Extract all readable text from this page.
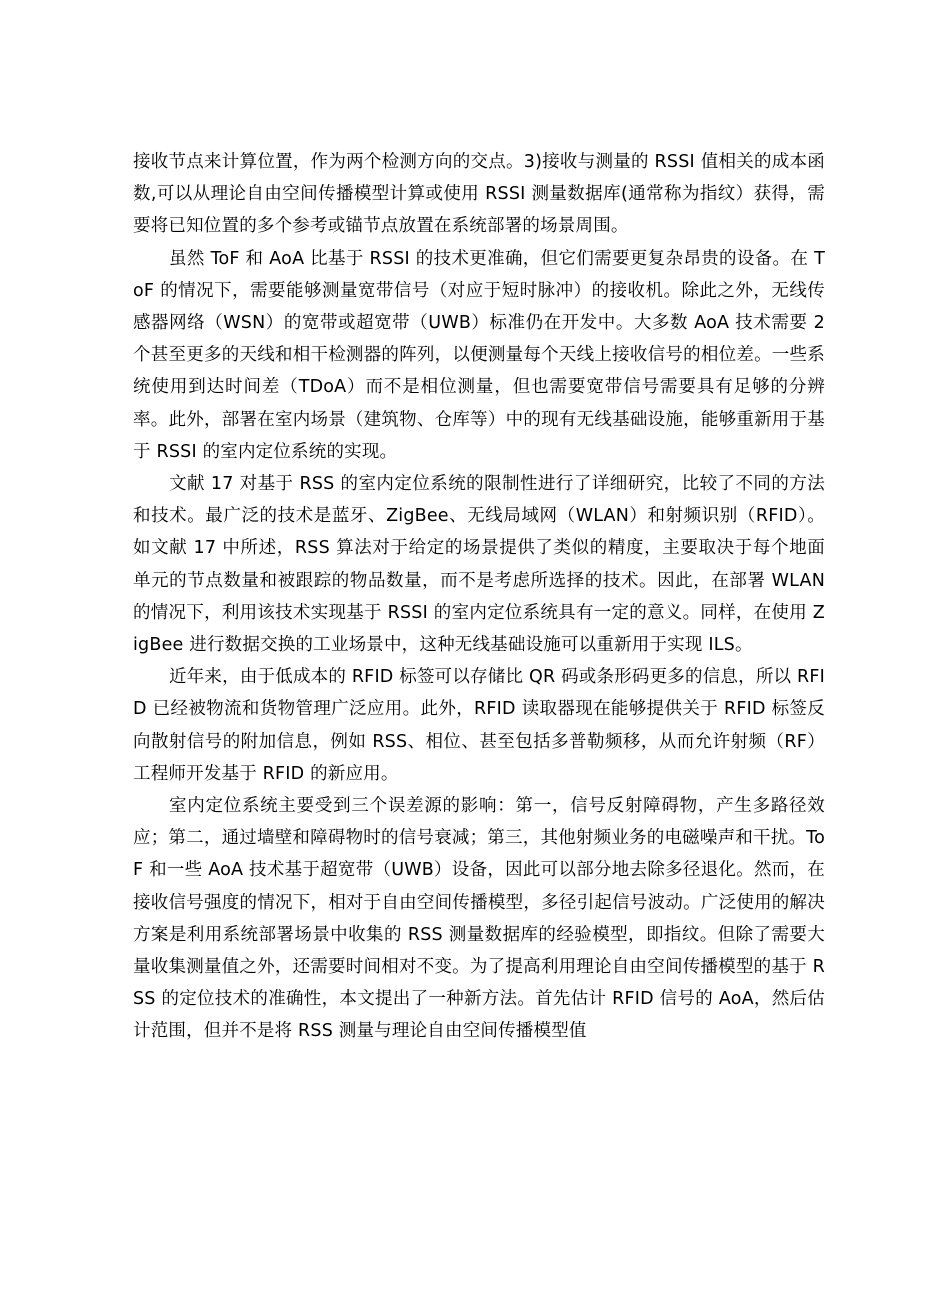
接收节点来计算位置，作为两个检测方向的交点。3)接收与测量的 RSSI 值相关的成本函数,可以从理论自由空间传播模型计算或使用 RSSI 测量数据库(通常称为指纹）获得，需要将已知位置的多个参考或锚节点放置在系统部署的场景周围。

虽然 ToF 和 AoA 比基于 RSSI 的技术更准确，但它们需要更复杂昂贵的设备。在 ToF 的情况下，需要能够测量宽带信号（对应于短时脉冲）的接收机。除此之外，无线传感器网络（WSN）的宽带或超宽带（UWB）标准仍在开发中。大多数 AoA 技术需要 2 个甚至更多的天线和相干检测器的阵列，以便测量每个天线上接收信号的相位差。一些系统使用到达时间差（TDoA）而不是相位测量，但也需要宽带信号需要具有足够的分辨率。此外，部署在室内场景（建筑物、仓库等）中的现有无线基础设施，能够重新用于基于 RSSI 的室内定位系统的实现。

文献 17 对基于 RSS 的室内定位系统的限制性进行了详细研究，比较了不同的方法和技术。最广泛的技术是蓝牙、ZigBee、无线局域网（WLAN）和射频识别（RFID）。如文献 17 中所述，RSS 算法对于给定的场景提供了类似的精度，主要取决于每个地面单元的节点数量和被跟踪的物品数量，而不是考虑所选择的技术。因此，在部署 WLAN 的情况下，利用该技术实现基于 RSSI 的室内定位系统具有一定的意义。同样，在使用 ZigBee 进行数据交换的工业场景中，这种无线基础设施可以重新用于实现 ILS。

近年来，由于低成本的 RFID 标签可以存储比 QR 码或条形码更多的信息，所以 RFID 已经被物流和货物管理广泛应用。此外，RFID 读取器现在能够提供关于 RFID 标签反向散射信号的附加信息，例如 RSS、相位、甚至包括多普勒频移，从而允许射频（RF）工程师开发基于 RFID 的新应用。

室内定位系统主要受到三个误差源的影响：第一，信号反射障碍物，产生多路径效应；第二，通过墙壁和障碍物时的信号衰减；第三，其他射频业务的电磁噪声和干扰。ToF 和一些 AoA 技术基于超宽带（UWB）设备，因此可以部分地去除多径退化。然而，在接收信号强度的情况下，相对于自由空间传播模型，多径引起信号波动。广泛使用的解决方案是利用系统部署场景中收集的 RSS 测量数据库的经验模型，即指纹。但除了需要大量收集测量值之外，还需要时间相对不变。为了提高利用理论自由空间传播模型的基于 RSS 的定位技术的准确性，本文提出了一种新方法。首先估计 RFID 信号的 AoA，然后估计范围，但并不是将 RSS 测量与理论自由空间传播模型值
